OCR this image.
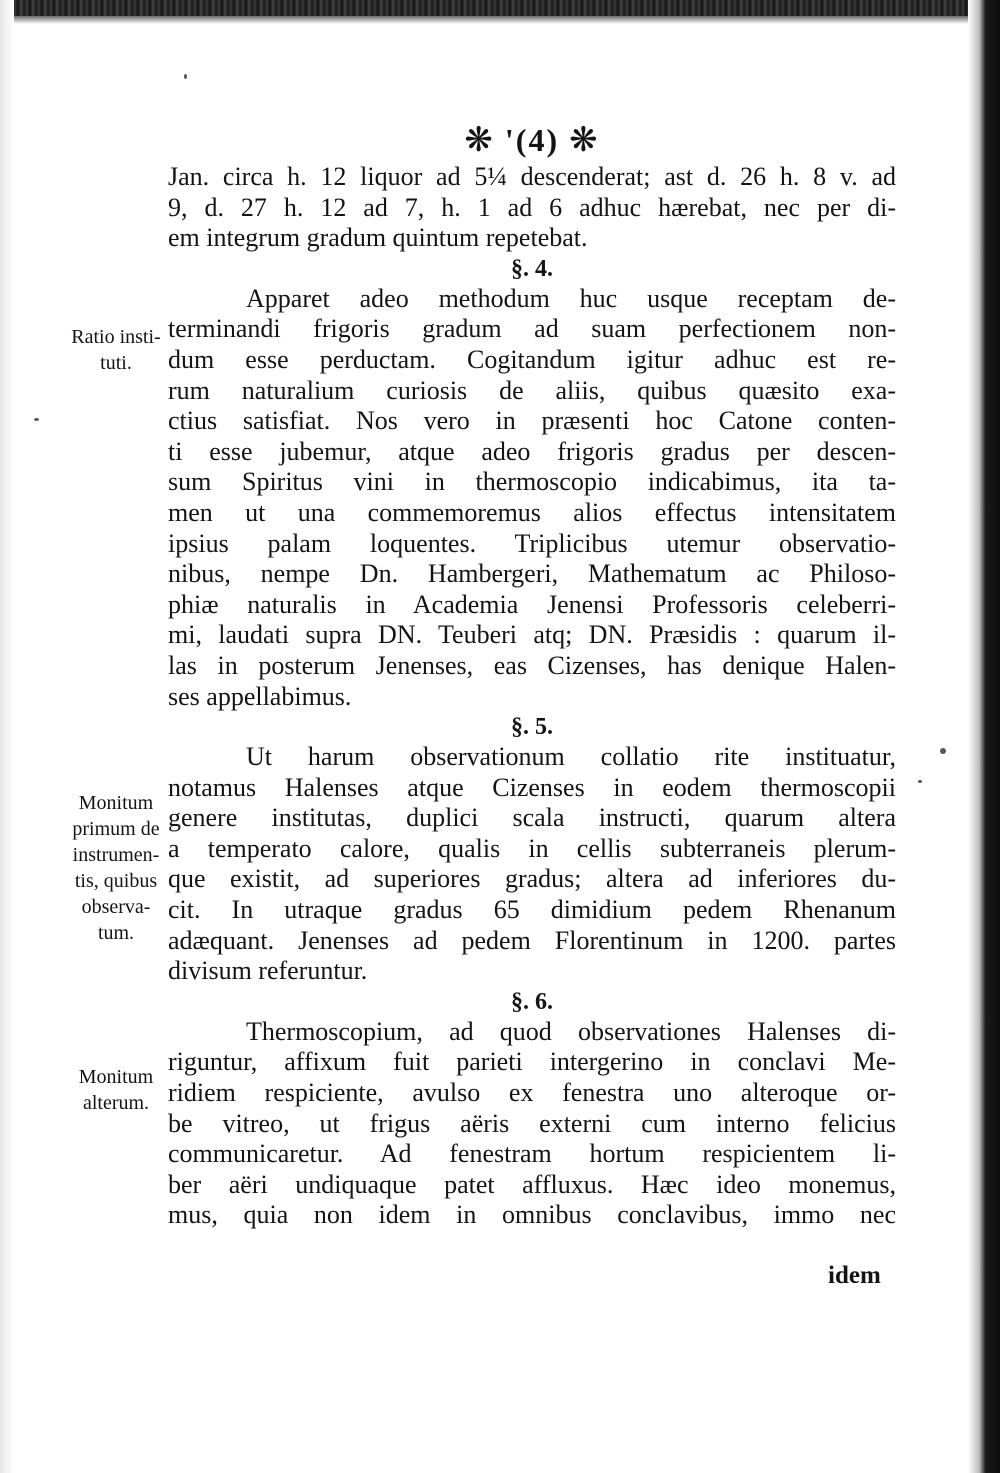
❋ '(4) ❋
Ratio insti-
tuti.
Monitum
primum de
instrumen-
tis, quibus
observa-
tum.
Monitum
alterum.
Jan. circa h. 12 liquor ad 5¼ descenderat; ast d. 26 h. 8 v. ad
9, d. 27 h. 12 ad 7, h. 1 ad 6 adhuc hærebat, nec per di-
em integrum gradum quintum repetebat.
§. 4.
Apparet adeo methodum huc usque receptam de-
terminandi frigoris gradum ad suam perfectionem non-
dum esse perductam. Cogitandum igitur adhuc est re-
rum naturalium curiosis de aliis, quibus quæsito exa-
ctius satisfiat. Nos vero in præsenti hoc Catone conten-
ti esse jubemur, atque adeo frigoris gradus per descen-
sum Spiritus vini in thermoscopio indicabimus, ita ta-
men ut una commemoremus alios effectus intensitatem
ipsius palam loquentes. Triplicibus utemur observatio-
nibus, nempe Dn. Hambergeri, Mathematum ac Philoso-
phiæ naturalis in Academia Jenensi Professoris celeberri-
mi, laudati supra DN. Teuberi atq; DN. Præsidis : quarum il-
las in posterum Jenenses, eas Cizenses, has denique Halen-
ses appellabimus.
§. 5.
Ut harum observationum collatio rite instituatur,
notamus Halenses atque Cizenses in eodem thermoscopii
genere institutas, duplici scala instructi, quarum altera
a temperato calore, qualis in cellis subterraneis plerum-
que existit, ad superiores gradus; altera ad inferiores du-
cit. In utraque gradus 65 dimidium pedem Rhenanum
adæquant. Jenenses ad pedem Florentinum in 1200. partes
divisum referuntur.
§. 6.
Thermoscopium, ad quod observationes Halenses di-
riguntur, affixum fuit parieti intergerino in conclavi Me-
ridiem respiciente, avulso ex fenestra uno alteroque or-
be vitreo, ut frigus aëris externi cum interno felicius
communicaretur. Ad fenestram hortum respicientem li-
ber aëri undiquaque patet affluxus. Hæc ideo monemus,
mus, quia non idem in omnibus conclavibus, immo nec
idem
